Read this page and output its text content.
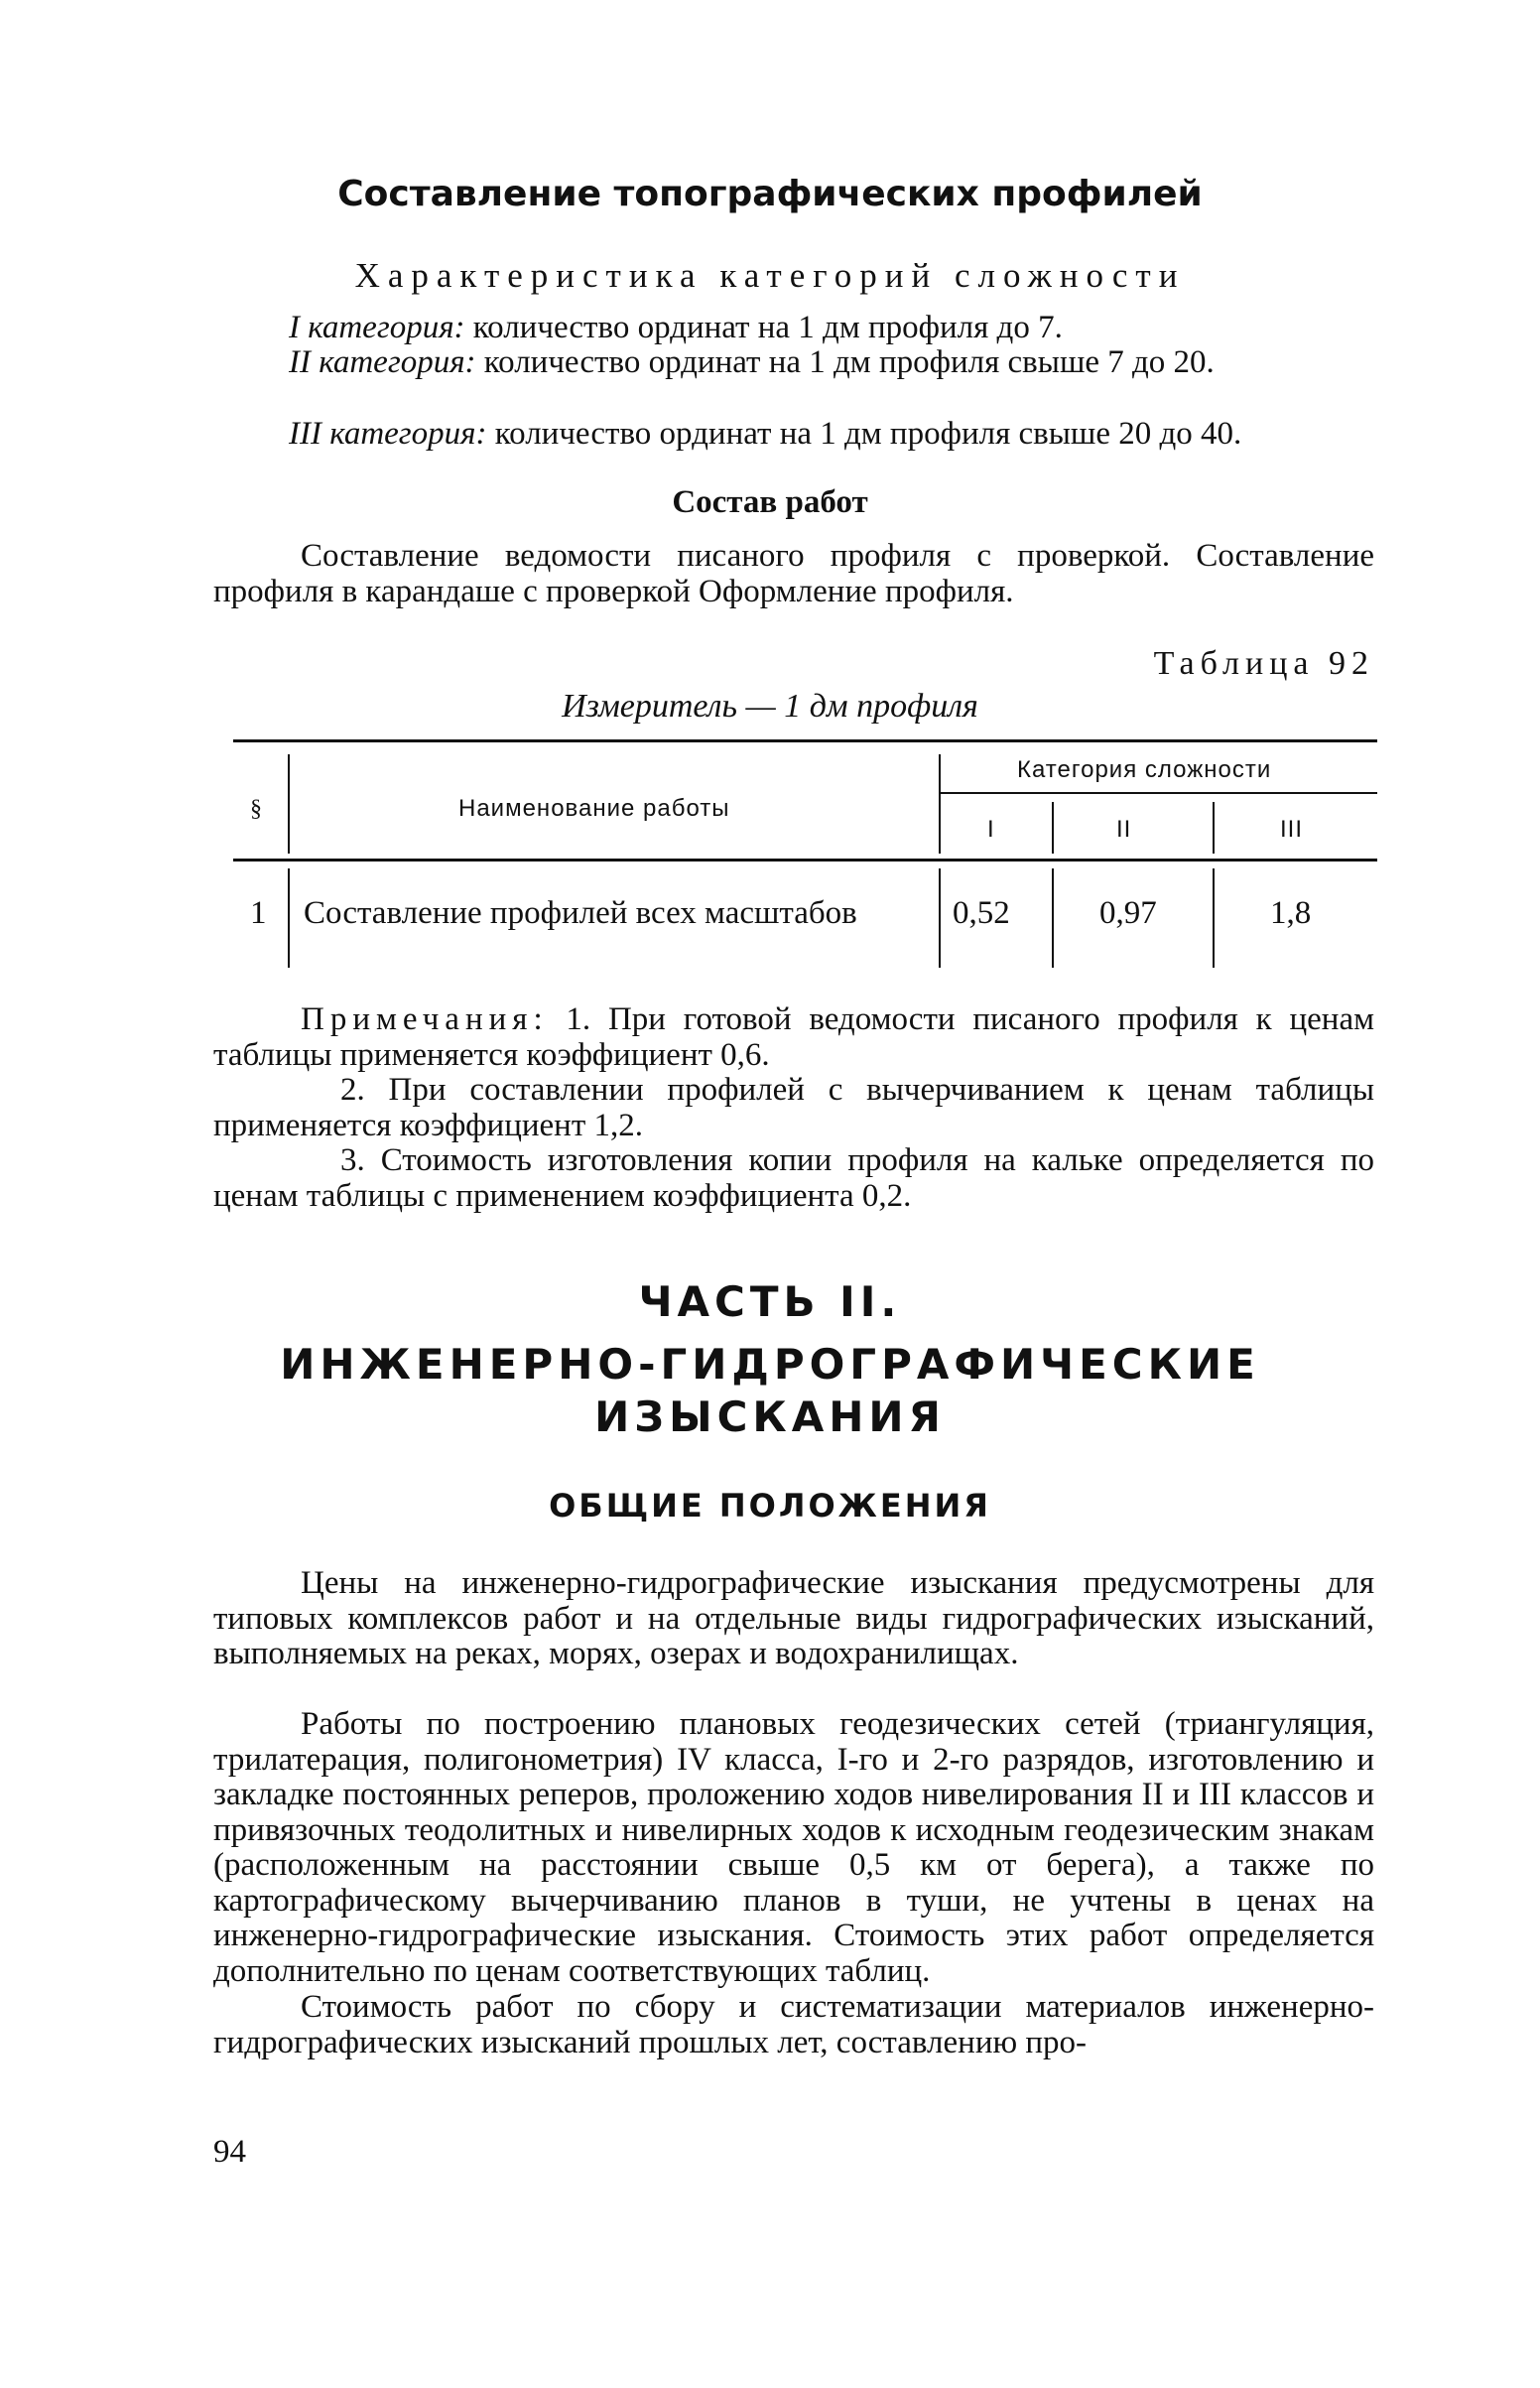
Составление топографических профилей
Характеристика категорий сложности

I категория: количество ординат на 1 дм профиля до 7.

II категория: количество ординат на 1 дм профиля свыше 7 до 20.

III категория: количество ординат на 1 дм профиля свыше 20 до 40.

Состав работ

Составление ведомости писаного профиля с проверкой. Составление профиля в карандаше с проверкой Оформление профиля.

Таблица 92
Измеритель — 1 дм профиля
§	Наименование работы
Категория сложности
I	II	III
1 Составление профилей всех масштабов	0,52	0,97	1,8

Примечания: 1. При готовой ведомости писаного профиля к ценам таблицы применяется коэффициент 0,6.

2. При составлении профилей с вычерчиванием к ценам таблицы применяется коэффициент 1,2.

3. Стоимость изготовления копии профиля на кальке определяется по ценам таблицы с применением коэффициента 0,2.

ЧАСТЬ II.
ИНЖЕНЕРНО-ГИДРОГРАФИЧЕСКИЕ
ИЗЫСКАНИЯ
ОБЩИЕ ПОЛОЖЕНИЯ

Цены на инженерно-гидрографические изыскания предусмотрены для типовых комплексов работ и на отдельные виды гидрографических изысканий, выполняемых на реках, морях, озерах и водохранилищах.

Работы по построению плановых геодезических сетей (триангуляция, трилатерация, полигонометрия) IV класса, I-го и 2-го разрядов, изготовлению и закладке постоянных реперов, проложению ходов нивелирования II и III классов и привязочных теодолитных и нивелирных ходов к исходным геодезическим знакам (расположенным на расстоянии свыше 0,5 км от берега), а также по картографическому вычерчиванию планов в туши, не учтены в ценах на инженерно-гидрографические изыскания. Стоимость этих работ определяется дополнительно по ценам соответствующих таблиц.

Стоимость работ по сбору и систематизации материалов инженерно-гидрографических изысканий прошлых лет, составлению про-

94
